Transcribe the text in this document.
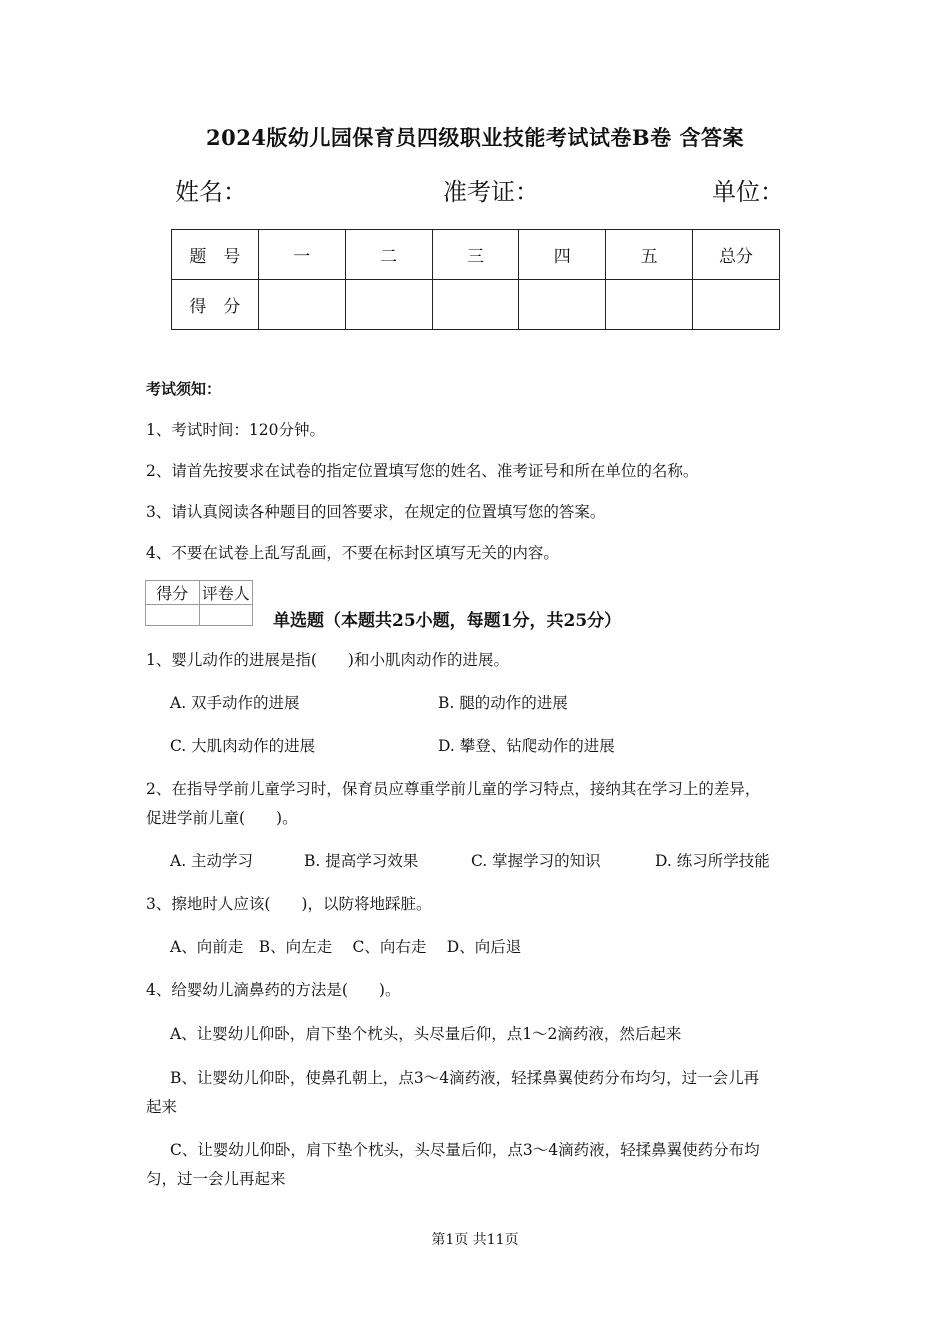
2024版幼儿园保育员四级职业技能考试试卷B卷 含答案
姓名：	准考证：	单位：
题　号	一	二	三	四	五	总分
得　分						
考试须知：
1、考试时间：120分钟。
2、请首先按要求在试卷的指定位置填写您的姓名、准考证号和所在单位的名称。
3、请认真阅读各种题目的回答要求，在规定的位置填写您的答案。
4、不要在试卷上乱写乱画，不要在标封区填写无关的内容。
得分	评卷人

单选题（本题共25小题，每题1分，共25分）
1、婴儿动作的进展是指(　　)和小肌肉动作的进展。
A. 双手动作的进展	B. 腿的动作的进展
C. 大肌肉动作的进展	D. 攀登、钻爬动作的进展
2、在指导学前儿童学习时，保育员应尊重学前儿童的学习特点，接纳其在学习上的差异，
促进学前儿童(　　)。
A. 主动学习	B. 提高学习效果	C. 掌握学习的知识	D. 练习所学技能
3、擦地时人应该(　　)，以防将地踩脏。
A、向前走　B、向左走　 C、向右走　 D、向后退
4、给婴幼儿滴鼻药的方法是(　　)。
A、让婴幼儿仰卧，肩下垫个枕头，头尽量后仰，点1～2滴药液，然后起来
B、让婴幼儿仰卧，使鼻孔朝上，点3～4滴药液，轻揉鼻翼使药分布均匀，过一会儿再
起来
C、让婴幼儿仰卧，肩下垫个枕头，头尽量后仰，点3～4滴药液，轻揉鼻翼使药分布均
匀，过一会儿再起来
第1页 共11页
